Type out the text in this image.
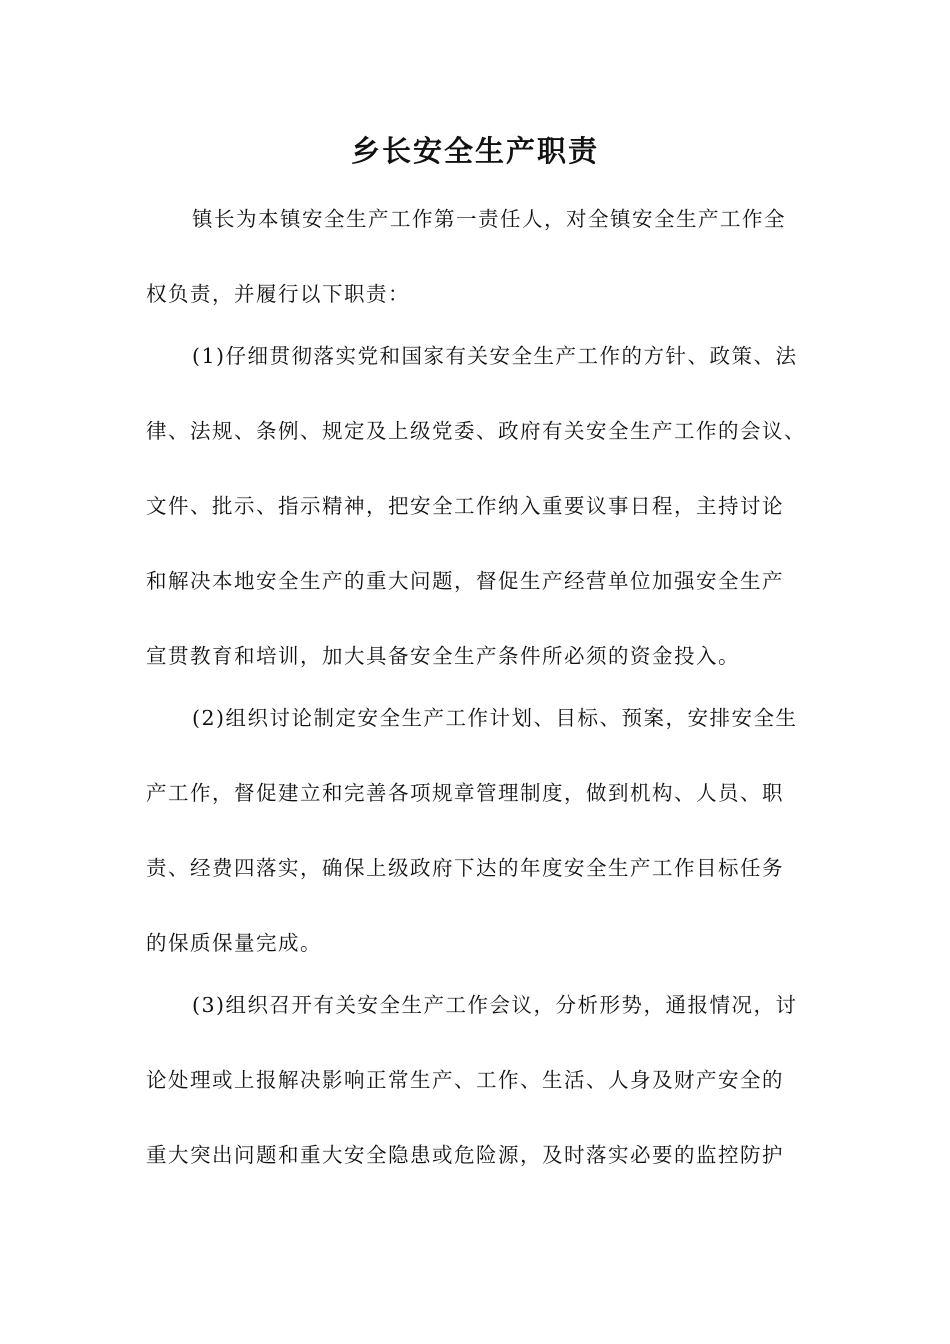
乡长安全生产职责

镇长为本镇安全生产工作第一责任人，对全镇安全生产工作全

权负责，并履行以下职责：

(1)仔细贯彻落实党和国家有关安全生产工作的方针、政策、法

律、法规、条例、规定及上级党委、政府有关安全生产工作的会议、

文件、批示、指示精神，把安全工作纳入重要议事日程，主持讨论

和解决本地安全生产的重大问题，督促生产经营单位加强安全生产

宣贯教育和培训，加大具备安全生产条件所必须的资金投入。

(2)组织讨论制定安全生产工作计划、目标、预案，安排安全生

产工作，督促建立和完善各项规章管理制度，做到机构、人员、职

责、经费四落实，确保上级政府下达的年度安全生产工作目标任务

的保质保量完成。

(3)组织召开有关安全生产工作会议，分析形势，通报情况，讨

论处理或上报解决影响正常生产、工作、生活、人身及财产安全的

重大突出问题和重大安全隐患或危险源，及时落实必要的监控防护
